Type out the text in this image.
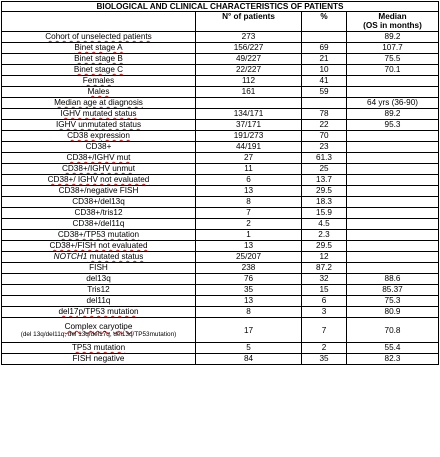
BIOLOGICAL AND CLINICAL CHARACTERISTICS OF PATIENTS			
	N° of patients	%	Median
(OS in months)

Cohort of unselected patients	273		89.2
Binet stage A	156/227	69	107.7
Binet stage B	49/227	21	75.5
Binet stage C	22/227	10	70.1
Females	112	41	
Males	161	59	
Median age at diagnosis			64 yrs (36-90)
IGHV mutated status	134/171	78	89.2
IGHV unmutated status	37/171	22	95.3
CD38 expression	191/273	70	
CD38+	44/191	23	
CD38+/IGHV mut	27	61.3	
CD38+/IGHV unmut	11	25	
CD38+/ IGHV not evaluated	6	13.7	
CD38+/negative FISH	13	29.5	
CD38+/del13q	8	18.3	
CD38+/tris12	7	15.9	
CD38+/del11q	2	4.5	
CD38+/TP53 mutation	1	2.3	
CD38+/FISH not evaluated	13	29.5	
NOTCH1 mutated status	25/207	12	
FISH	238	87.2	
del13q	76	32	88.6
Tris12	35	15	85.37
del11q	13	6	75.3
del17p/TP53 mutation	8	3	80.9

Complex caryotipe
(del 13q/del11q, del 13q/del17q, del13q/TP53mutation)	17	7	70.8
TP53 mutation	5	2	55.4
FISH negative	84	35	82.3
